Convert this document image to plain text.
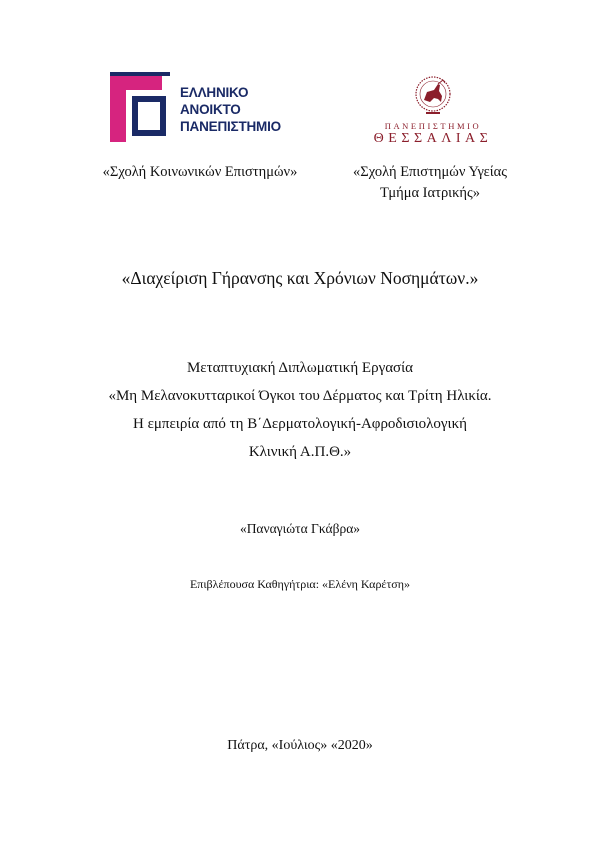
ΕΛΛΗΝΙΚΟ
ΑΝΟΙΚΤΟ
ΠΑΝΕΠΙΣΤΗΜΙΟ	ΠΑΝΕΠΙΣΤΗΜΙΟ
ΘΕΣΣΑΛΙΑΣ
«Σχολή Κοινωνικών Επιστημών»	«Σχολή Επιστημών Υγείας
Τμήμα Ιατρικής»
«Διαχείριση Γήρανσης και Χρόνιων Νοσημάτων.»
Μεταπτυχιακή Διπλωματική Εργασία
«Μη Μελανοκυτταρικοί Όγκοι του Δέρματος και Τρίτη Ηλικία.
Η εμπειρία από τη Β΄Δερματολογική-Αφροδισιολογική
Κλινική Α.Π.Θ.»
«Παναγιώτα Γκάβρα»
Επιβλέπουσα Καθηγήτρια: «Ελένη Καρέτση»
Πάτρα, «Ιούλιος» «2020»
